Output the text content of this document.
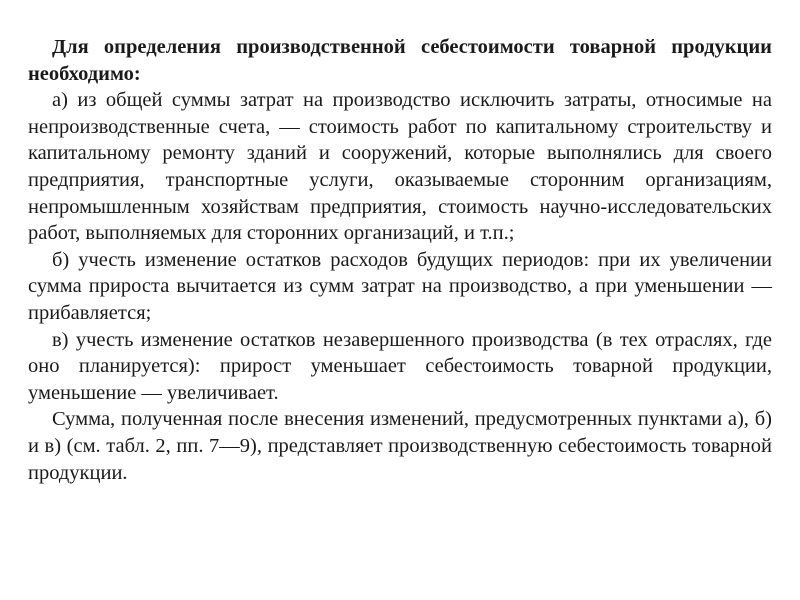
Для определения производственной себестоимости товарной продукции необходимо:

а) из общей суммы затрат на производство исключить затраты, относимые на непроизводственные счета, — стоимость работ по капитальному строительству и капитальному ремонту зданий и сооружений, которые выполнялись для своего предприятия, транспортные услуги, оказываемые сторонним организациям, непромышленным хозяйствам предприятия, стоимость научно-исследовательских работ, выполняемых для сторонних организаций, и т.п.;

б) учесть изменение остатков расходов будущих периодов: при их увеличении сумма прироста вычитается из сумм затрат на производство, а при уменьшении — прибавляется;

в) учесть изменение остатков незавершенного производства (в тех отраслях, где оно планируется): прирост уменьшает себестоимость товарной продукции, уменьшение — увеличивает.

Сумма, полученная после внесения изменений, предусмотренных пунктами а), б) и в) (см. табл. 2, пп. 7—9), представляет производственную себестоимость товарной продукции.
